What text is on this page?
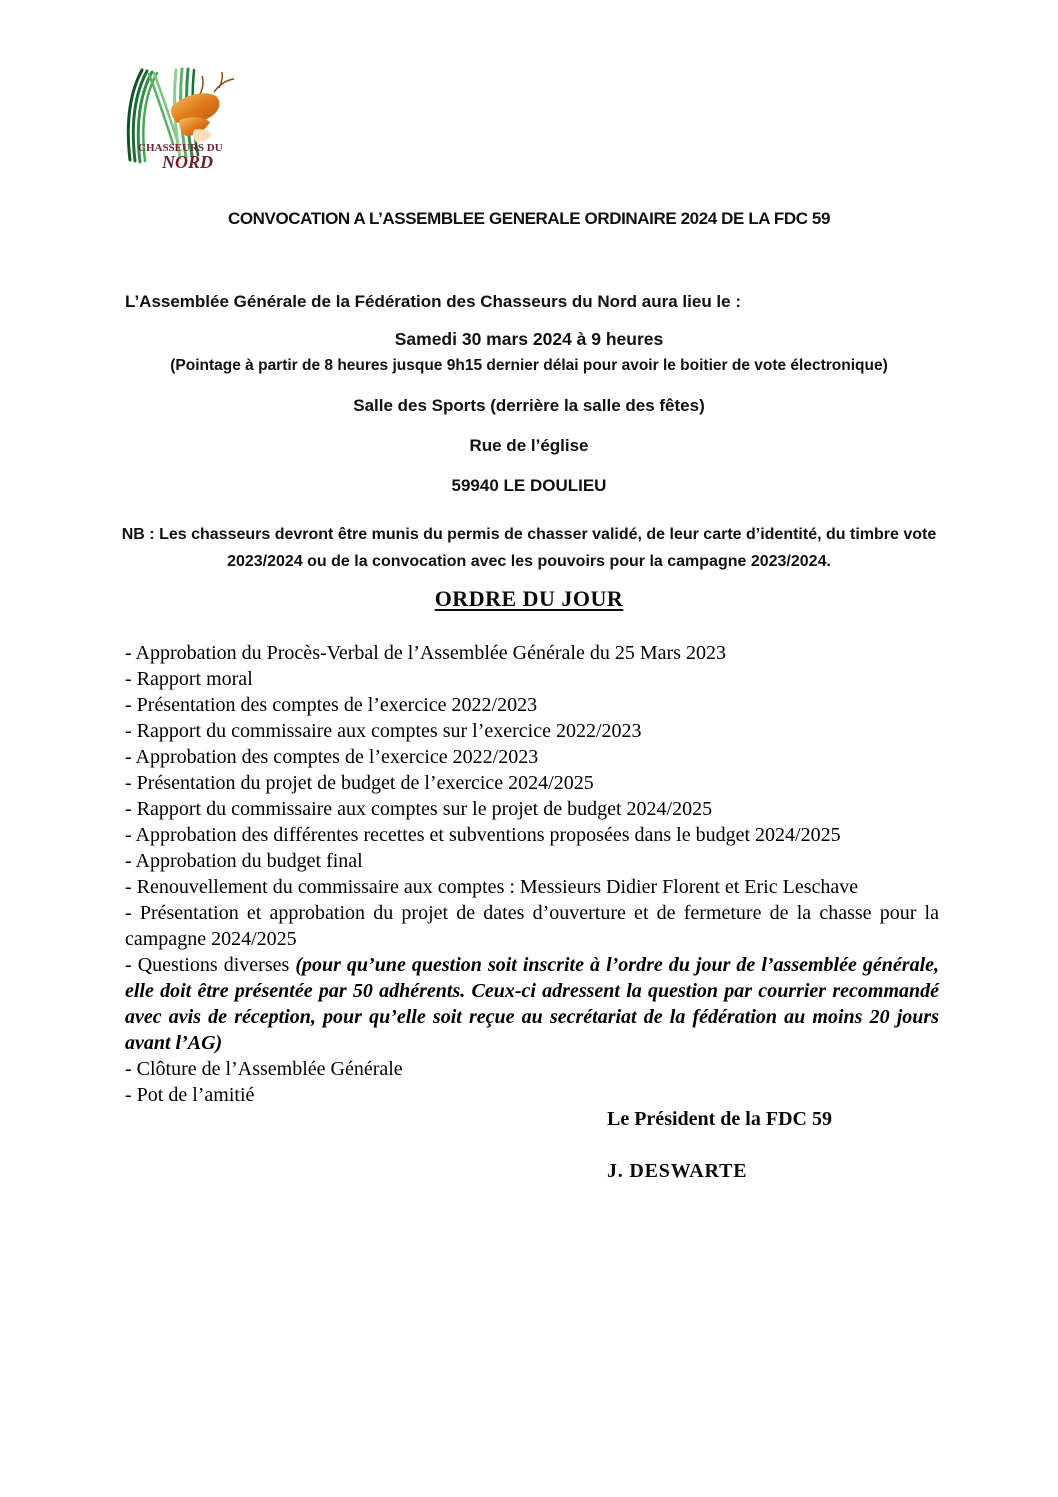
CHASSEURS DU
NORD
CONVOCATION A L’ASSEMBLEE GENERALE ORDINAIRE 2024 DE LA FDC 59
L’Assemblée Générale de la Fédération des Chasseurs du Nord aura lieu le :
Samedi 30 mars 2024 à 9 heures
(Pointage à partir de 8 heures jusque 9h15 dernier délai pour avoir le boitier de vote électronique)
Salle des Sports (derrière la salle des fêtes)
Rue de l’église
59940 LE DOULIEU
NB : Les chasseurs devront être munis du permis de chasser validé, de leur carte d’identité, du timbre vote 2023/2024 ou de la convocation avec les pouvoirs pour la campagne 2023/2024.
ORDRE DU JOUR
- Approbation du Procès-Verbal de l’Assemblée Générale du 25 Mars 2023
- Rapport moral
- Présentation des comptes de l’exercice 2022/2023
- Rapport du commissaire aux comptes sur l’exercice 2022/2023
- Approbation des comptes de l’exercice 2022/2023
- Présentation du projet de budget de l’exercice 2024/2025
- Rapport du commissaire aux comptes sur le projet de budget 2024/2025
- Approbation des différentes recettes et subventions proposées dans le budget 2024/2025
- Approbation du budget final
- Renouvellement du commissaire aux comptes : Messieurs Didier Florent et Eric Leschave
- Présentation et approbation du projet de dates d’ouverture et de fermeture de la chasse pour la campagne 2024/2025
- Questions diverses (pour qu’une question soit inscrite à l’ordre du jour de l’assemblée générale, elle doit être présentée par 50 adhérents. Ceux-ci adressent la question par courrier recommandé avec avis de réception, pour qu’elle soit reçue au secrétariat de la fédération au moins 20 jours avant l’AG)
- Clôture de l’Assemblée Générale
- Pot de l’amitié
Le Président de la FDC 59
J. DESWARTE
